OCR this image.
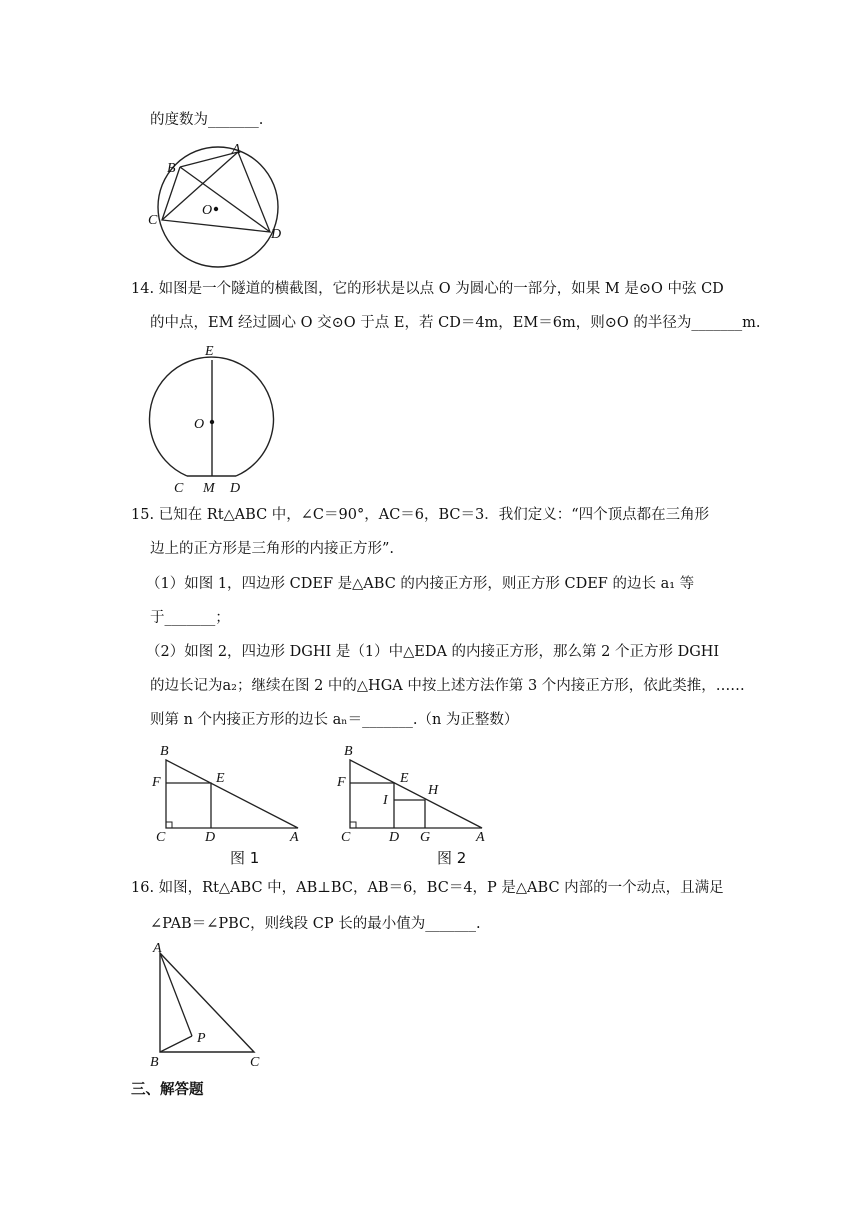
的度数为_______.
B
A
C
D
O
14. 如图是一个隧道的横截图，它的形状是以点 O 为圆心的一部分，如果 M 是⊙O 中弦 CD
的中点，EM 经过圆心 O 交⊙O 于点 E，若 CD＝4m，EM＝6m，则⊙O 的半径为_______m.
E
O
C M D
15. 已知在 Rt△ABC 中，∠C＝90°，AC＝6，BC＝3．我们定义：“四个顶点都在三角形
边上的正方形是三角形的内接正方形”.
（1）如图 1，四边形 CDEF 是△ABC 的内接正方形，则正方形 CDEF 的边长 a₁ 等
于_______；
（2）如图 2，四边形 DGHI 是（1）中△EDA 的内接正方形，那么第 2 个正方形 DGHI
的边长记为a₂；继续在图 2 中的△HGA 中按上述方法作第 3 个内接正方形，依此类推，……
则第 n 个内接正方形的边长 aₙ＝_______.（n 为正整数）
B
F	E
C	D	A
图 1
B
F	E
H
I
C	D G	A
图 2
16. 如图，Rt△ABC 中，AB⊥BC，AB＝6，BC＝4，P 是△ABC 内部的一个动点，且满足
∠PAB＝∠PBC，则线段 CP 长的最小值为_______.
A
B	C
P
三、解答题
